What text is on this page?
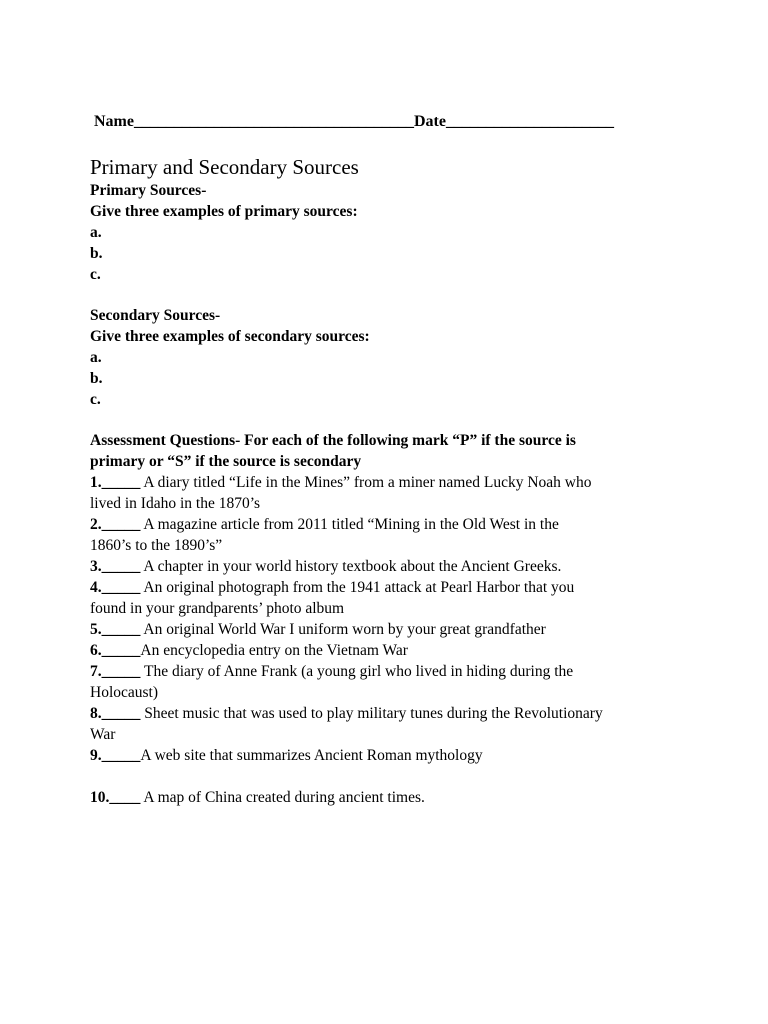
Name___________________________________Date_____________________
Primary and Secondary Sources
Primary Sources-
Give three examples of primary sources:
a.
b.
c.
Secondary Sources-
Give three examples of secondary sources:
a.
b.
c.
Assessment Questions- For each of the following mark “P” if the source is
primary or “S” if the source is secondary
1._____ A diary titled “Life in the Mines” from a miner named Lucky Noah who
lived in Idaho in the 1870’s
2._____ A magazine article from 2011 titled “Mining in the Old West in the
1860’s to the 1890’s”
3._____ A chapter in your world history textbook about the Ancient Greeks.
4._____ An original photograph from the 1941 attack at Pearl Harbor that you
found in your grandparents’ photo album
5._____ An original World War I uniform worn by your great grandfather
6._____An encyclopedia entry on the Vietnam War
7._____ The diary of Anne Frank (a young girl who lived in hiding during the
Holocaust)
8._____ Sheet music that was used to play military tunes during the Revolutionary
War
9._____A web site that summarizes Ancient Roman mythology
10.____ A map of China created during ancient times.
